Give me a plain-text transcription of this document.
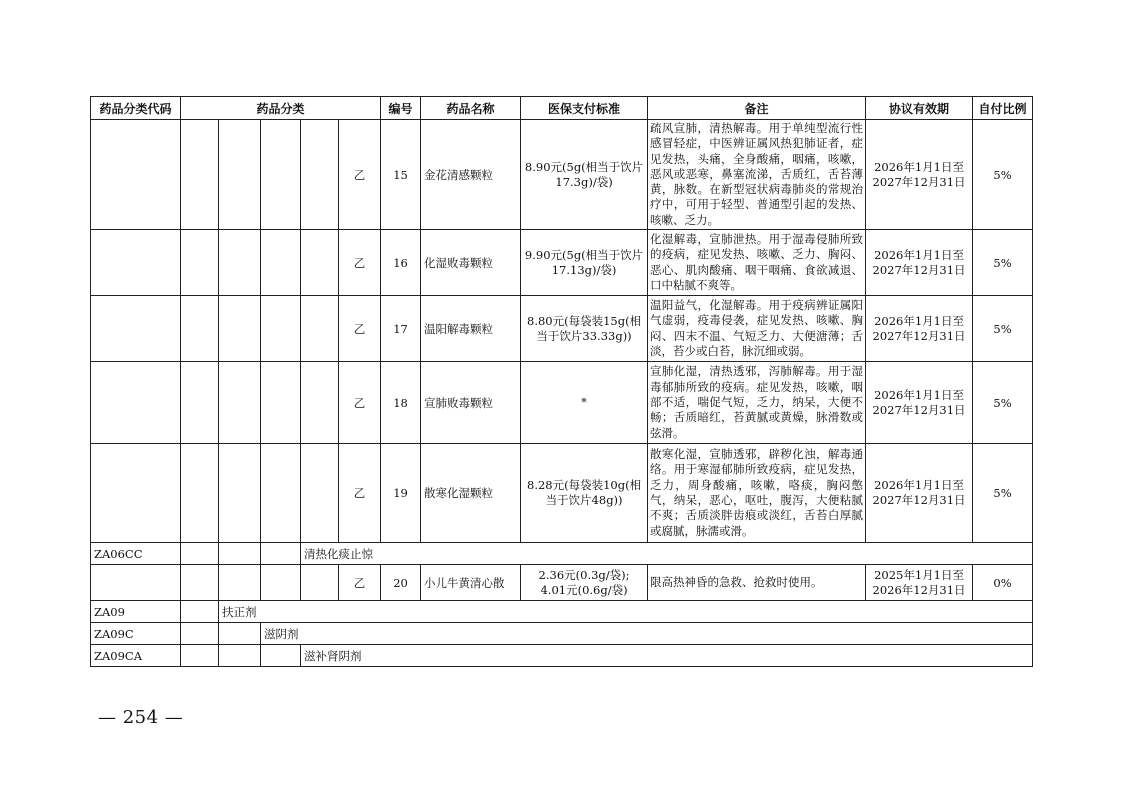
药品分类代码	药品分类					编号	药品名称	医保支付标准	备注	协议有效期	自付比例
					乙	15	金花清感颗粒	8.90元(5g(相当于饮片17.3g)/袋)	疏风宣肺，清热解毒。用于单纯型流行性感冒轻症，中医辨证属风热犯肺证者，症见发热，头痛，全身酸痛，咽痛，咳嗽，恶风或恶寒，鼻塞流涕，舌质红，舌苔薄黄，脉数。在新型冠状病毒肺炎的常规治疗中，可用于轻型、普通型引起的发热、咳嗽、乏力。	2026年1月1日至
2027年12月31日	5%
					乙	16	化湿败毒颗粒	9.90元(5g(相当于饮片17.13g)/袋)	化湿解毒，宣肺泄热。用于湿毒侵肺所致的疫病，症见发热、咳嗽、乏力、胸闷、恶心、肌肉酸痛、咽干咽痛、食欲减退、口中粘腻不爽等。	2026年1月1日至
2027年12月31日	5%
					乙	17	温阳解毒颗粒	8.80元(每袋装15g(相当于饮片33.33g))	温阳益气，化湿解毒。用于疫病辨证属阳气虚弱，疫毒侵袭，症见发热、咳嗽、胸闷、四末不温、气短乏力、大便溏薄；舌淡，苔少或白苔，脉沉细或弱。	2026年1月1日至
2027年12月31日	5%
					乙	18	宣肺败毒颗粒	*	宣肺化湿，清热透邪，泻肺解毒。用于湿毒郁肺所致的疫病。症见发热，咳嗽，咽部不适，喘促气短，乏力，纳呆，大便不畅；舌质暗红，苔黄腻或黄燥，脉滑数或弦滑。	2026年1月1日至
2027年12月31日	5%
					乙	19	散寒化湿颗粒	8.28元(每袋装10g(相当于饮片48g))	散寒化湿，宣肺透邪，辟秽化浊，解毒通络。用于寒湿郁肺所致疫病，症见发热，乏力，周身酸痛，咳嗽，咯痰，胸闷憋气，纳呆，恶心，呕吐，腹泻，大便粘腻不爽；舌质淡胖齿痕或淡红，舌苔白厚腻或腐腻，脉濡或滑。	2026年1月1日至
2027年12月31日	5%
ZA06CC				清热化痰止惊							
					乙	20	小儿牛黄清心散	2.36元(0.3g/袋);
4.01元(0.6g/袋)	限高热神昏的急救、抢救时使用。	2025年1月1日至
2026年12月31日	0%
ZA09		扶正剂									
ZA09C			滋阴剂								
ZA09CA				滋补肾阴剂							
— 254 —
